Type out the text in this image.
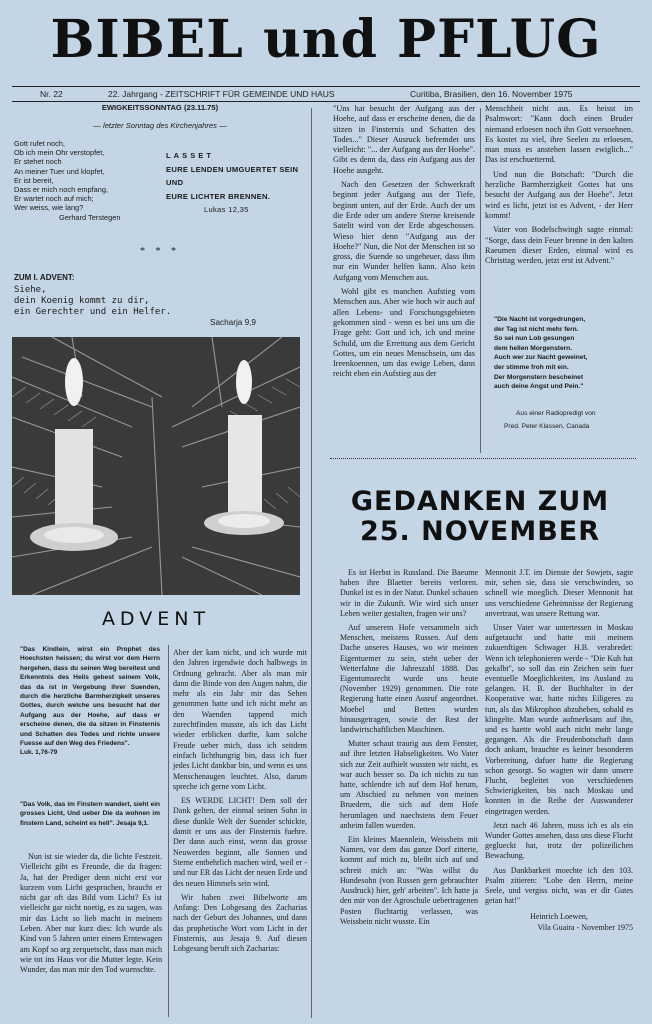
BIBEL und PFLUG
Nr. 22	22. Jahrgang - ZEITSCHRIFT FÜR GEMEINDE UND HAUS	Curitiba, Brasilien, den 16. November 1975
EWIGKEITSSONNTAG (23.11.75)
— letzter Sonntag des Kirchenjahres —
Gott rufet noch,
Ob ich mein Ohr verstopfet,
Er stehet noch
An meiner Tuer und klopfet,
Er ist bereit,
Dass er mich noch empfang,
Er wartet noch auf mich;
Wer weiss, wie lang?
Gerhard Terstegen
LASSET
EURE LENDEN UMGUERTET SEIN
UND
EURE LICHTER BRENNEN.
Lukas 12,35
* * *
ZUM I. ADVENT:
Siehe,
dein Koenig kommt zu dir,
ein Gerechter und ein Helfer.
Sacharja 9,9
ADVENT
"Das Kindlein, wirst ein Prophet des Hoechsten heissen; du wirst vor dem Herrn hergehen, dass du seinen Weg bereitest und Erkenntnis des Heils gebest seinem Volk, das da ist in Vergebung ihrer Suenden, durch die herzliche Barmherzigkeit unseres Gottes, durch welche uns besucht hat der Aufgang aus der Hoehe, auf dass er erscheine denen, die da sitzen in Finsternis und Schatten des Todes und richte unsere Fuesse auf den Weg des Friedens".
Luk. 1,76-79
"Das Volk, das im Finstern wandert, sieht ein grosses Licht, Und ueber Die da wohnen im finstern Land, scheint es hell". Jesaja 9,1.

Nun ist sie wieder da, die lichte Festzeit. Vielleicht gibt es Freunde, die da fragen: Ja, hat der Prediger denn nicht erst vor kurzem vom Licht gesprochen, braucht er nicht gar oft das Bild vom Licht? Es ist vielleicht gar nicht noetig, es zu sagen, was mir das Licht so lieb macht in meinem Leben. Aber nur kurz dies: Ich wurde als Kind von 5 Jahren unter einem Erntewagen am Kopf so arg zerquetscht, dass man mich wie tot ins Haus vor die Mutter legte. Kein Wunder, das man mir den Tod wuenschte.

Aber der kam nicht, und ich wurde mit den Jahren irgendwie doch halbwegs in Ordnung gebracht. Aber als man mir dann die Binde von den Augen nahm, die mehr als ein Jahr mir das Sehen genommen hatte und ich nicht mehr an den Waenden tappend mich zurechtfinden musste, als ich das Licht wieder erblicken durfte, kam solche Freude ueber mich, dass ich seitdem einfach lichthungrig bin, dass ich fuer jedes Licht dankbar bin, und wenn es uns Menschenaugen leuchtet. Also, darum spreche ich gerne vom Licht.

ES WERDE LICHT! Dem soll der Dank gelten, der einmal seinen Sohn in diese dunkle Welt der Suender schickte, damit er uns aus der Finsternis fuehre. Der dann auch einst, wenn das grosse Neuwerden beginnt, alle Sonnen und Sterne entbehrlich machen wird, weil er - und nur ER das Licht der neuen Erde und des neuen Himmels sein wird.

Wir haben zwei Bibelworte am Anfang: Den Lobgesang des Zacharias nach der Geburt des Johannes, und dann das prophetische Wort vom Licht in der Finsternis, aus Jesaja 9. Auf diesen Lobgesang beruft sich Zacharias:

"Uns hat besucht der Aufgang aus der Hoehe, auf dass er erscheine denen, die da sitzen in Finsternis und Schatten des Todes..." Dieser Ausruck befremdet uns vielleicht: "... der Aufgang aus der Hoehe". Gibt es denn da, dass ein Aufgang aus der Hoehe ausgeht.

Nach den Gesetzen der Schwerkraft beginnt jeder Aufgang aus der Tiefe, beginnt unten, auf der Erde. Auch der um die Erde oder um andere Sterne kreisende Satelit wird von der Erde abgeschossen. Wieso hier denn "Aufgang aus der Hoehe?" Nun, die Not der Menschen ist so gross, die Suende so ungeheuer, dass ihm nur ein Wunder helfen kann. Also kein Aufgang vom Menschen aus.

Wohl gibt es manchen Aufstieg vom Menschen aus. Aber wie hoch wir auch auf allen Lebens- und Forschungsgebieten gekommen sind - wenn es bei uns um die Frage geht: Gott und ich, ich und meine Schuld, um die Errettung aus dem Gericht Gottes, um ein neues Menschsein, um das Ireenkoennen, um das ewige Leben, dann reicht eben ein Aufstieg aus der

Menschheit nicht aus. Es heisst im Psalmwort: "Kann doch einen Bruder niemand erloesen noch ihn Gott versoehnen. Es kostet zu viel, ihre Seelen zu erloesen, man muss es anstehen lassen ewiglich..." Das ist erschuetternd.

Und nun die Botschaft: "Durch die herzliche Barmherzigkeit Gottes hat uns besucht der Aufgang aus der Hoehe". Jetzt wird es licht, jetzt ist es Advent, - der Herr kommt!

Vater von Bodelschwingh sagte einmal: "Sorge, dass dein Feuer brenne in den kalten Raeumen dieser Erden, einmal wird es Christtag werden, jetzt erst ist Advent."

"Die Nacht ist vorgedrungen,
der Tag ist nicht mehr fern.
So sei nun Lob gesungen
dem hellen Morgenstern.
Auch wer zur Nacht geweinet,
der stimme froh mit ein.
Der Morgenstern bescheinet
auch deine Angst und Pein."
Aus einer Radiopredigt von
Pred. Peter Klassen, Canada
GEDANKEN ZUM
25. NOVEMBER

Es ist Herbst in Russland. Die Baeume haben ihre Blaetter bereits verloren. Dunkel ist es in der Natur. Dunkel schauen wir in die Zukunft. Wie wird sich unser Leben weiter gestalten, fragen wir uns?

Auf unserem Hofe versammeln sich Menschen, meistens Russen. Auf dem Dache unseres Hauses, wo wir meinten Eigentuemer zu sein, steht ueber der Wetterfahne die Jahreszahl 1888. Das Eigentumsrecht wurde uns heute (November 1929) genommen. Die rote Regierung hatte einen Ausruf angeordnet. Moebel und Betten wurden hinausgetragen, sowie der Rest der landwirtschaftlichen Maschinen.

Mutter schaut traurig aus dem Fenster, auf ihre letzten Habseligkeiten. Wo Vater sich zur Zeit aufhielt wussten wir nicht, es war auch besser so. Da ich nichts zu tun hatte, schlendre ich auf dem Hof herum, um Abschied zu nehmen von meinen Bruedern, die sich auf dem Hofe herumlagen und naechstens dem Feuer anheim fallen wuerden.

Ein kleines Maennlein, Weissbein mit Namen, vor dem das ganze Dorf zitterte, kommt auf mich zu, bleibt sich auf und schreit mich an: "Was willst du Hundesohn (von Russen gern gebrauchter Ausdruck) hier, geh' arbeiten". Ich hatte ja den mir von der Agroschule uebertragenen Posten fluchtartig verlassen, was Weissbein nicht wusste. Ein

Mennonit J.T. im Dienste der Sowjets, sagte mir, sehen sie, dass sie verschwinden, so schnell wie moeglich. Dieser Mennonit hat uns verschiedene Geheimnisse der Regierung anvertraut, was unsere Rettung war.

Unser Vater war untertessen in Moskau aufgetaucht und hatte mit meinem zukuenftigen Schwager H.B. verabredet: Wenn ich telephonieren werde - "Die Kuh hat gekalbt", so soll das ein Zeichen sein fuer eventuelle Moeglichkeiten, ins Ausland zu gelangen. H. B. der Buchhalter in der Kooperative war, hatte nichts Eiligeres zu tun, als das Mikrophon abzuheben, sobald es klingelte. Man wurde aufmerksam auf ihn, und es haette wohl auch nicht mehr lange gegangen. Als die Freudenbotschaft dann doch ankam, brauchte es keiner besonderen Vorbereitung, dafuer hatte die Regierung schon gesorgt. So wagten wir dann unsere Flucht, begleitet von verschiedenen Schwierigkeiten, bis nach Moskau und konnten in die Reihe der Auswanderer eingetragen werden.

Jetzt nach 46 Jahren, muss ich es als ein Wunder Gottes ansehen, dass uns diese Flucht geglueckt hat, trotz der polizeilichen Bewachung.

Aus Dankbarkeit moechte ich den 103. Psalm zitieren: "Lobe den Herrn, meine Seele, und vergiss nicht, was er dir Gutes getan hat!"

Heinrich Loewen,
Vila Guaira - November 1975
